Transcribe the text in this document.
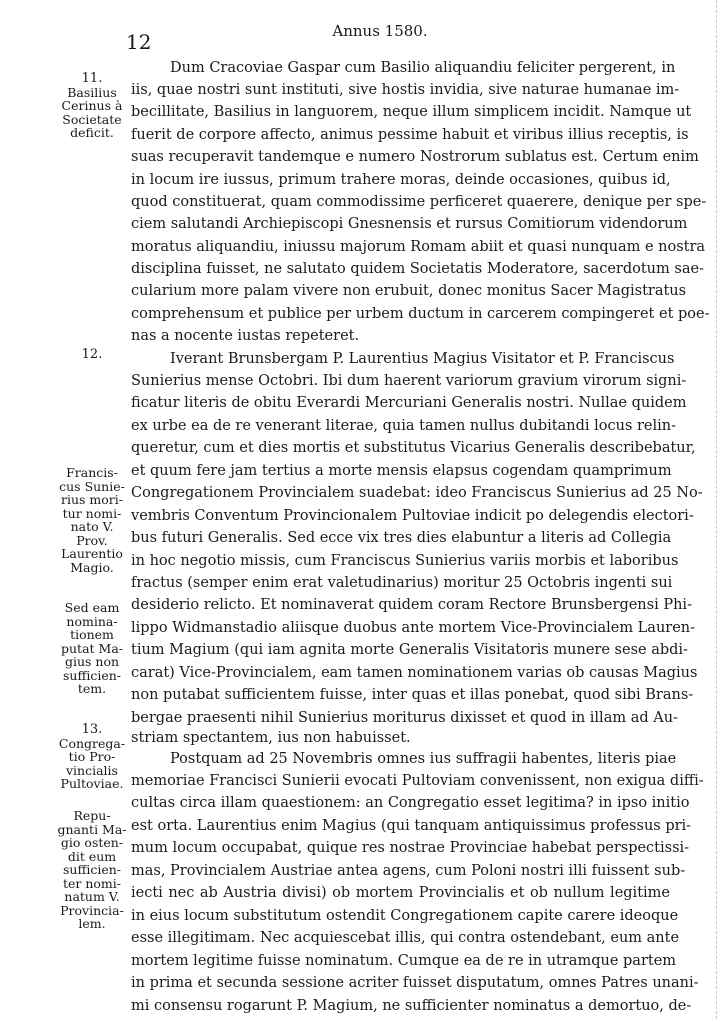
12	Annus 1580.
Dum Cracoviae Gaspar cum Basilio aliquandiu feliciter pergerent, in
iis, quae nostri sunt instituti, sive hostis invidia, sive naturae humanae im-
becillitate, Basilius in languorem, neque illum simplicem incidit. Namque ut
fuerit de corpore affecto, animus pessime habuit et viribus illius receptis, is
suas recuperavit tandemque e numero Nostrorum sublatus est. Certum enim
in locum ire iussus, primum trahere moras, deinde occasiones, quibus id,
quod constituerat, quam commodissime perficeret quaerere, denique per spe-
ciem salutandi Archiepiscopi Gnesnensis et rursus Comitiorum videndorum
moratus aliquandiu, iniussu majorum Romam abiit et quasi nunquam e nostra
disciplina fuisset, ne salutato quidem Societatis Moderatore, sacerdotum sae-
cularium more palam vivere non erubuit, donec monitus Sacer Magistratus
comprehensum et publice per urbem ductum in carcerem compingeret et poe-
nas a nocente iustas repeteret.
Iverant Brunsbergam P. Laurentius Magius Visitator et P. Franciscus
Sunierius mense Octobri. Ibi dum haerent variorum gravium virorum signi-
ficatur literis de obitu Everardi Mercuriani Generalis nostri. Nullae quidem
ex urbe ea de re venerant literae, quia tamen nullus dubitandi locus relin-
queretur, cum et dies mortis et substitutus Vicarius Generalis describebatur,
et quum fere jam tertius a morte mensis elapsus cogendam quamprimum
Congregationem Provincialem suadebat: ideo Franciscus Sunierius ad 25 No-
vembris Conventum Provincionalem Pultoviae indicit po delegendis electori-
bus futuri Generalis. Sed ecce vix tres dies elabuntur a literis ad Collegia
in hoc negotio missis, cum Franciscus Sunierius variis morbis et laboribus
fractus (semper enim erat valetudinarius) moritur 25 Octobris ingenti sui
desiderio relicto. Et nominaverat quidem coram Rectore Brunsbergensi Phi-
lippo Widmanstadio aliisque duobus ante mortem Vice-Provincialem Lauren-
tium Magium (qui iam agnita morte Generalis Visitatoris munere sese abdi-
carat) Vice-Provincialem, eam tamen nominationem varias ob causas Magius
non putabat sufficientem fuisse, inter quas et illas ponebat, quod sibi Brans-
bergae praesenti nihil Sunierius moriturus dixisset et quod in illam ad Au-
striam spectantem, ius non habuisset.
Postquam ad 25 Novembris omnes ius suffragii habentes, literis piae
memoriae Francisci Sunierii evocati Pultoviam convenissent, non exigua diffi-
cultas circa illam quaestionem: an Congregatio esset legitima? in ipso initio
est orta. Laurentius enim Magius (qui tanquam antiquissimus professus pri-
mum locum occupabat, quique res nostrae Provinciae habebat perspectissi-
mas, Provincialem Austriae antea agens, cum Poloni nostri illi fuissent sub-
iecti nec ab Austria divisi) ob mortem Provincialis et ob nullum legitime
in eius locum substitutum ostendit Congregationem capite carere ideoque
esse illegitimam. Nec acquiescebat illis, qui contra ostendebant, eum ante
mortem legitime fuisse nominatum. Cumque ea de re in utramque partem
in prima et secunda sessione acriter fuisset disputatum, omnes Patres unani-
mi consensu rogarunt P. Magium, ne sufficienter nominatus a demortuo, de-
11.
Basilius
Cerinus à
Societate
deficit.
12.
Francis-
cus Sunie-
rius mori-
tur nomi-
nato V.
Prov.
Laurentio
Magio.
Sed eam
nomina-
tionem
putat Ma-
gius non
sufficien-
tem.
13.
Congrega-
tio Pro-
vincialis
Pultoviae.
Repu-
gnanti Ma-
gio osten-
dit eum
sufficien-
ter nomi-
natum V.
Provincia-
lem.
